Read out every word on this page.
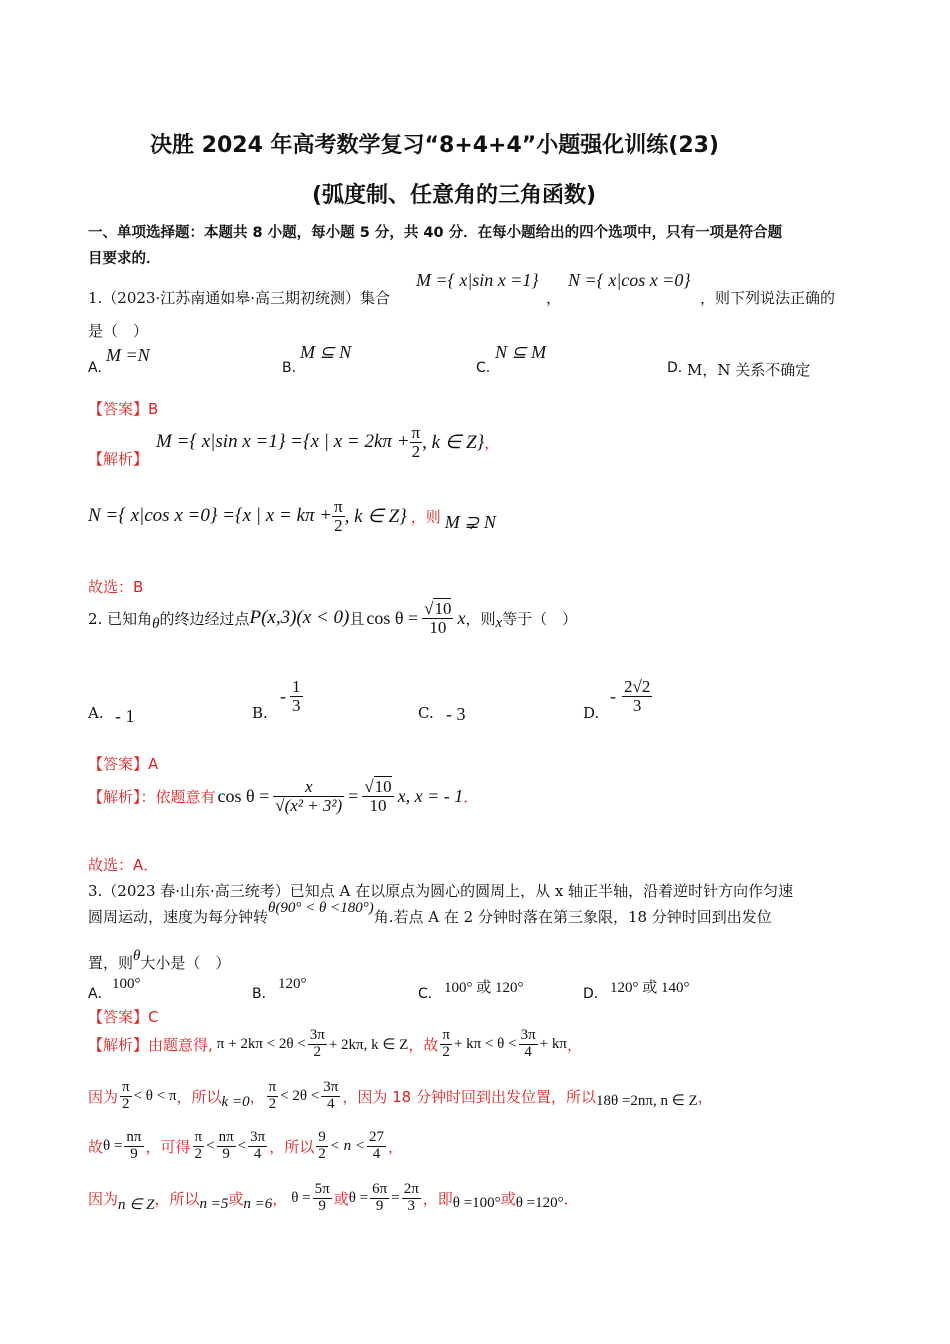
决胜 2024 年高考数学复习“8+4+4”小题强化训练(23)
(弧度制、任意角的三角函数)
一、单项选择题：本题共 8 小题，每小题 5 分，共 40 分．在每小题给出的四个选项中，只有一项是符合题
目要求的．
1.（2023·江苏南通如皋·高三期初统测）集合
M ={ x|sin x =1}
，
N ={ x|cos x =0}
，则下列说法正确的
是（　）
A.
M =N
B.
M ⊆ N
C.
N ⊆ M
D. M，N 关系不确定
【答案】B
【解析】
M ={ x|sin x =1} ={x | $x = 2k\pi + \frac{\pi}{2}$ , k ∈ Z} ，
N ={ x|cos x =0} ={x | $x = k\pi + \frac{\pi}{2}$ , k ∈ Z} ，则 M ⊋ N
故选：B
2. 已知角 θ 的终边经过点 P(x,3)(x < 0) 且 $\cos \theta = \frac{√10}{10}$ x ，则 x 等于（　）
A. - 1	B.
- $\frac{1}{3}$	C. - 3	D.
- $\frac{2√2}{3}$
【答案】A
【解析】：依题意有 $\cos \theta = \frac{x}{\text{√(x² + 3²)}} = \frac{√10}{10} x$, x = - 1 ．
故选：A．
3.（2023 春·山东·高三统考）已知点 A 在以原点为圆心的圆周上，从 x 轴正半轴，沿着逆时针方向作匀速
圆周运动，速度为每分钟转 θ(90° < θ <180°) 角.若点 A 在 2 分钟时落在第三象限，18 分钟时回到出发位
置，则 θ 大小是（　）
A．
100°
B．
120°
C． 100° 或 120°	D． 120° 或 140°
【答案】C
【解析】由题意得, $\pi + 2k\pi < 2\theta < \frac{3\pi}{2} + 2k\pi$, k ∈ Z ，故 $\frac{\pi}{2} + k\pi < \theta < \frac{3\pi}{4} + k\pi$ ，
因为 $\frac{\pi}{2} < \theta < \pi$ ，所以 k =0 ， $\frac{\pi}{2} < 2\theta < \frac{3\pi}{4}$ ，因为 18 分钟时回到出发位置，所以 18θ =2nπ, n ∈ Z ，
故 $\theta = \frac{n\pi}{9}$ ，可得 $\frac{\pi}{2} < \frac{n\pi}{9} < \frac{3\pi}{4}$ ，所以 $\frac{9}{2} < n < \frac{27}{4}$ ，
因为 n ∈ Z ，所以 n =5 或 n =6 ， $\theta = \frac{5\pi}{9}$ 或 $\theta = \frac{6\pi}{9} = \frac{2\pi}{3}$ ，即 θ =100° 或 θ =120° ．
